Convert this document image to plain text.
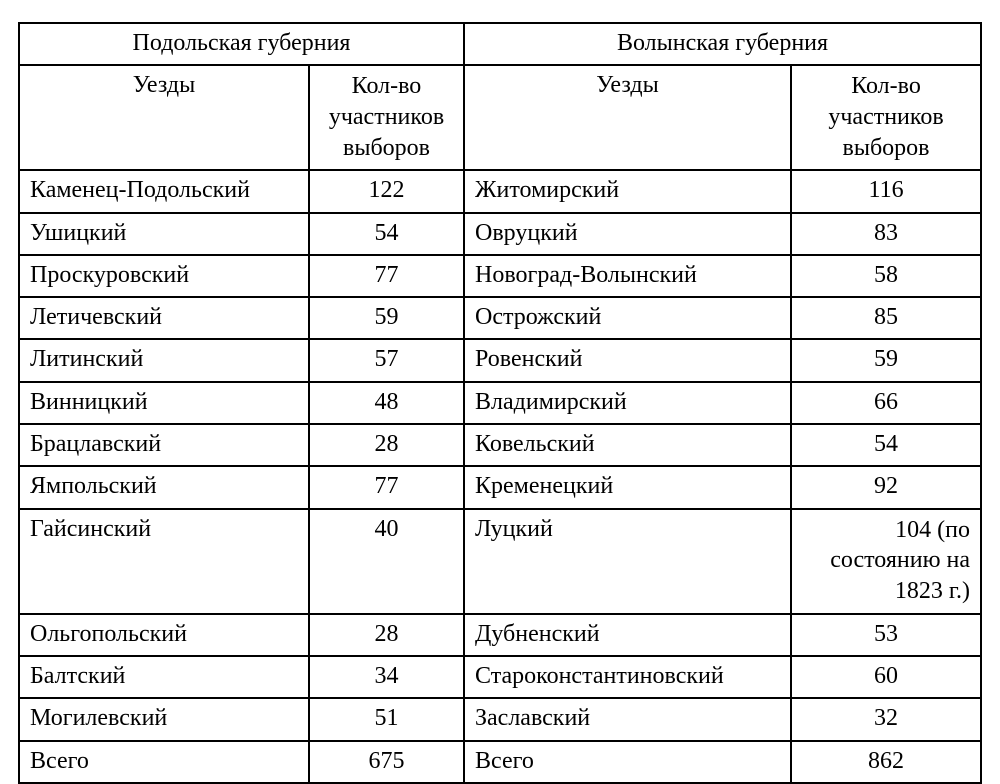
Подольская губерния		Волынская губерния	
Уезды	Кол-во участников выборов	Уезды	Кол-во участников выборов
Каменец-Подольский	122	Житомирский	116
Ушицкий	54	Овруцкий	83
Проскуровский	77	Новоград-Волынский	58
Летичевский	59	Острожский	85
Литинский	57	Ровенский	59
Винницкий	48	Владимирский	66
Брацлавский	28	Ковельский	54
Ямпольский	77	Кременецкий	92
Гайсинский	40	Луцкий	104 (по состоянию на 1823 г.)
Ольгопольский	28	Дубненский	53
Балтский	34	Староконстантиновский	60
Могилевский	51	Заславский	32
Всего	675	Всего	862
